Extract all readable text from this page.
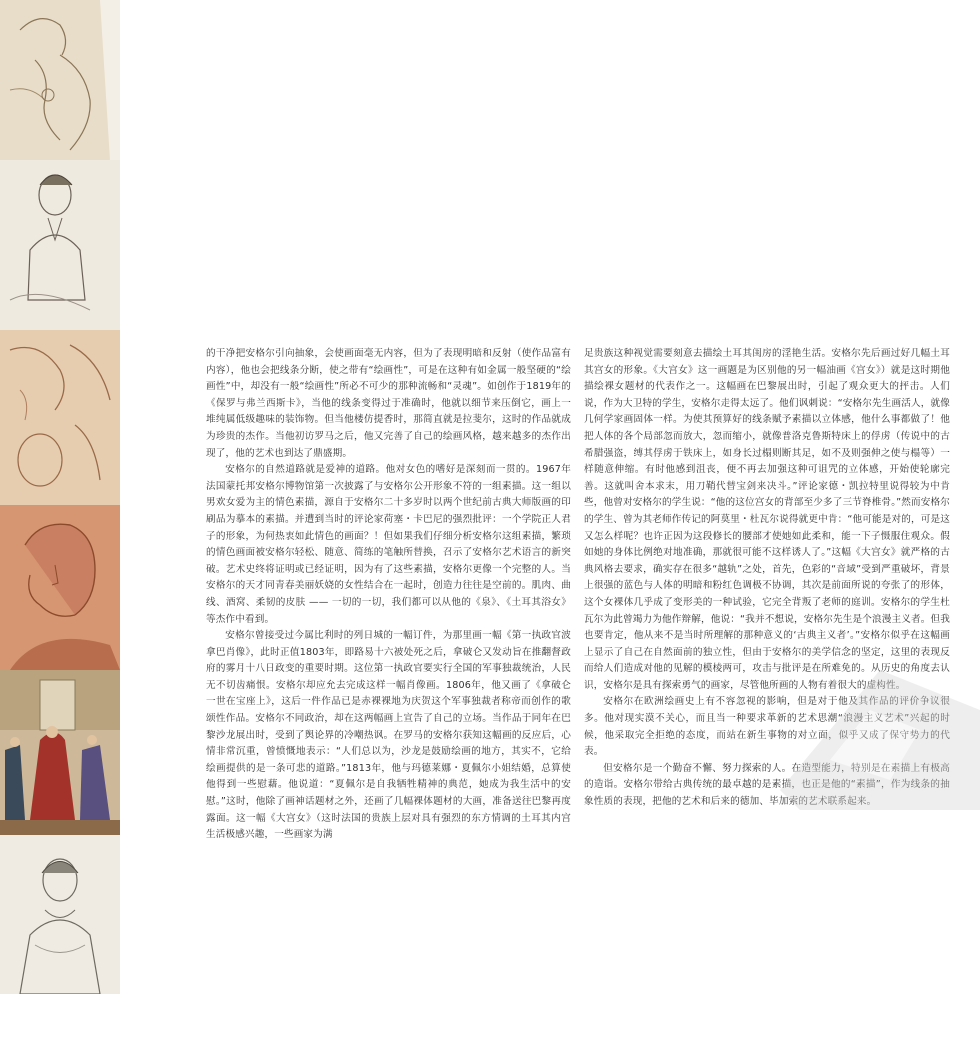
的干净把安格尔引向抽象，会使画面毫无内容，但为了表现明暗和反射（使作品富有内容），他也会把线条分断，使之带有“绘画性”，可是在这种有如金属一般坚硬的“绘画性”中，却没有一般“绘画性”所必不可少的那种流畅和“灵魂”。如创作于1819年的《保罗与弗兰西斯卡》，当他的线条变得过于准确时，他就以细节来压倒它，画上一堆纯属低级趣味的装饰物。但当他楼仿提香时，那简直就是拉斐尔，这时的作品就成为珍贵的杰作。当他初访罗马之后，他又完善了自己的绘画风格，越来越多的杰作出现了，他的艺术也到达了鼎盛期。

安格尔的自然道路就是爱神的道路。他对女色的嗜好是深刻而一贯的。1967年法国蒙托邦安格尔博物馆第一次披露了与安格尔公开形象不符的一组素描。这一组以男欢女爱为主的情色素描，源自于安格尔二十多岁时以两个世纪前古典大师版画的印刷品为摹本的素描。并遭到当时的评论家荷塞・卡巴尼的强烈批评：一个学院正人君子的形象，为何热衷如此情色的画面？！但如果我们仔细分析安格尔这组素描，繁琐的情色画面被安格尔轻松、随意、简练的笔触所替换，召示了安格尔艺术语言的新突破。艺术史终将证明或已经证明，因为有了这些素描，安格尔更像一个完整的人。当安格尔的天才同青春美丽妖娆的女性结合在一起时，创造力往往是空前的。肌肉、曲线、酒窝、柔韧的皮肤 —— 一切的一切，我们都可以从他的《泉》、《土耳其浴女》等杰作中看到。

安格尔曾接受过今属比利时的列日城的一幅订件，为那里画一幅《第一执政官波拿巴肖像》，此时正值1803年，即路易十六被处死之后，拿破仑又发动旨在推翻督政府的雾月十八日政变的重要时期。这位第一执政官要实行全国的军事独裁统治，人民无不切齿痛恨。安格尔却应允去完成这样一幅肖像画。1806年，他又画了《拿破仑一世在宝座上》，这后一件作品已是赤裸裸地为庆贺这个军事独裁者称帝而创作的歌颂性作品。安格尔不同政治，却在这两幅画上宣告了自己的立场。当作品于同年在巴黎沙龙展出时，受到了舆论界的冷嘲热讽。在罗马的安格尔获知这幅画的反应后，心情非常沉重，曾愤慨地表示：“人们总以为，沙龙是鼓励绘画的地方，其实不，它给绘画提供的是一条可悲的道路。”1813年，他与玛德莱娜・夏佩尔小姐结婚，总算使他得到一些慰藉。他说道：“夏佩尔是自我牺牲精神的典范，她成为我生活中的安慰。”这时，他除了画神话题材之外，还画了几幅裸体题材的大画，准备送往巴黎再度露面。这一幅《大宫女》（这时法国的贵族上层对具有强烈的东方情调的土耳其内宫生活极感兴趣，一些画家为满

足贵族这种视觉需要刻意去描绘土耳其闺房的淫艳生活。安格尔先后画过好几幅土耳其宫女的形象。《大宫女》这一画题是为区别他的另一幅油画《宫女》）就是这时期他描绘裸女题材的代表作之一。这幅画在巴黎展出时，引起了观众更大的抨击。人们说，作为大卫特的学生，安格尔走得太远了。他们讽刺说：“安格尔先生画活人，就像几何学家画固体一样。为使其预算好的线条赋予素描以立体感，他什么事都做了！他把人体的各个局部忽而放大，忽而缩小，就像普洛克鲁斯特床上的俘虏（传说中的古希腊强盗，缚其俘虏于铁床上，如身长过榻则断其足，如不及则强伸之使与榻等）一样随意伸缩。有时他感到沮丧，便不再去加强这种可诅咒的立体感，开始使轮廓完善。这就叫舍本求末，用刀鞘代替宝剑来决斗。”评论家德・凯拉特里说得较为中肯些，他曾对安格尔的学生说：“他的这位宫女的背部至少多了三节脊椎骨。”然而安格尔的学生、曾为其老师作传记的阿莫里・杜瓦尔说得就更中肯：“他可能是对的，可是这又怎么样呢？也许正因为这段修长的腰部才使她如此柔和，能一下子慑服住观众。假如她的身体比例绝对地准确，那就很可能不这样诱人了。”这幅《大宫女》就严格的古典风格去要求，确实存在很多“越轨”之处，首先，色彩的“音域”受到严重破坏，背景上很强的蓝色与人体的明暗和粉红色调极不协调，其次是前面所说的夸张了的形体，这个女裸体几乎成了变形美的一种试验，它完全背叛了老师的庭训。安格尔的学生杜瓦尔为此曾竭力为他作辩解，他说：“我并不想说，安格尔先生是个浪漫主义者。但我也要肯定，他从来不是当时所理解的那种意义的‘古典主义者’。”安格尔似乎在这幅画上显示了自己在自然面前的独立性，但由于安格尔的美学信念的坚定，这里的表现反而给人们造成对他的见解的模棱两可，攻击与批评是在所难免的。从历史的角度去认识，安格尔是具有探索勇气的画家，尽管他所画的人物有着很大的虚构性。

安格尔在欧洲绘画史上有不容忽视的影响，但是对于他及其作品的评价争议很多。他对现实漠不关心，而且当一种要求革新的艺术思潮“浪漫主义艺术”兴起的时候，他采取完全拒绝的态度，而站在新生事物的对立面，似乎又成了保守势力的代表。

但安格尔是一个勤奋不懈、努力探索的人。在造型能力，特别是在素描上有极高的造诣。安格尔带给古典传统的最卓越的是素描，也正是他的“素描”，作为线条的抽象性质的表现，把他的艺术和后来的德加、毕加索的艺术联系起来。
